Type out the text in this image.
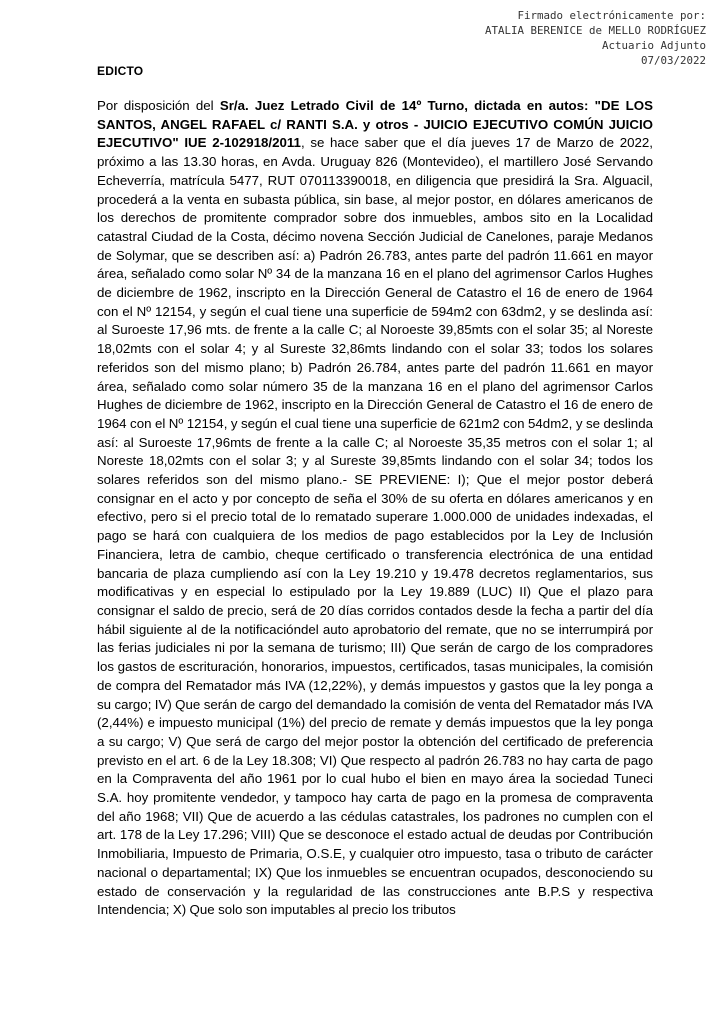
Firmado electrónicamente por:
ATALIA BERENICE de MELLO RODRÍGUEZ
Actuario Adjunto
07/03/2022
EDICTO
Por disposición del Sr/a. Juez Letrado Civil de 14º Turno, dictada en autos: "DE LOS SANTOS, ANGEL RAFAEL c/ RANTI S.A. y otros - JUICIO EJECUTIVO COMÚN JUICIO EJECUTIVO" IUE 2-102918/2011, se hace saber que el día jueves 17 de Marzo de 2022, próximo a las 13.30 horas, en Avda. Uruguay 826 (Montevideo), el martillero José Servando Echeverría, matrícula 5477, RUT 070113390018, en diligencia que presidirá la Sra. Alguacil, procederá a la venta en subasta pública, sin base, al mejor postor, en dólares americanos de los derechos de promitente comprador sobre dos inmuebles, ambos sito en la Localidad catastral Ciudad de la Costa, décimo novena Sección Judicial de Canelones, paraje Medanos de Solymar, que se describen así: a) Padrón 26.783, antes parte del padrón 11.661 en mayor área, señalado como solar Nº 34 de la manzana 16 en el plano del agrimensor Carlos Hughes de diciembre de 1962, inscripto en la Dirección General de Catastro el 16 de enero de 1964 con el Nº 12154, y según el cual tiene una superficie de 594m2 con 63dm2, y se deslinda así: al Suroeste 17,96 mts. de frente a la calle C; al Noroeste 39,85mts con el solar 35; al Noreste 18,02mts con el solar 4; y al Sureste 32,86mts lindando con el solar 33; todos los solares referidos son del mismo plano; b) Padrón 26.784, antes parte del padrón 11.661 en mayor área, señalado como solar número 35 de la manzana 16 en el plano del agrimensor Carlos Hughes de diciembre de 1962, inscripto en la Dirección General de Catastro el 16 de enero de 1964 con el Nº 12154, y según el cual tiene una superficie de 621m2 con 54dm2, y se deslinda así: al Suroeste 17,96mts de frente a la calle C; al Noroeste 35,35 metros con el solar 1; al Noreste 18,02mts con el solar 3; y al Sureste 39,85mts lindando con el solar 34; todos los solares referidos son del mismo plano.- SE PREVIENE: I); Que el mejor postor deberá consignar en el acto y por concepto de seña el 30% de su oferta en dólares americanos y en efectivo, pero si el precio total de lo rematado superare 1.000.000 de unidades indexadas, el pago se hará con cualquiera de los medios de pago establecidos por la Ley de Inclusión Financiera, letra de cambio, cheque certificado o transferencia electrónica de una entidad bancaria de plaza cumpliendo así con la Ley 19.210 y 19.478 decretos reglamentarios, sus modificativas y en especial lo estipulado por la Ley 19.889 (LUC) II) Que el plazo para consignar el saldo de precio, será de 20 días corridos contados desde la fecha a partir del día hábil siguiente al de la notificacióndel auto aprobatorio del remate, que no se interrumpirá por las ferias judiciales ni por la semana de turismo; III) Que serán de cargo de los compradores los gastos de escrituración, honorarios, impuestos, certificados, tasas municipales, la comisión de compra del Rematador más IVA (12,22%), y demás impuestos y gastos que la ley ponga a su cargo; IV) Que serán de cargo del demandado la comisión de venta del Rematador más IVA (2,44%) e impuesto municipal (1%) del precio de remate y demás impuestos que la ley ponga a su cargo; V) Que será de cargo del mejor postor la obtención del certificado de preferencia previsto en el art. 6 de la Ley 18.308; VI) Que respecto al padrón 26.783 no hay carta de pago en la Compraventa del año 1961 por lo cual hubo el bien en mayo área la sociedad Tuneci S.A. hoy promitente vendedor, y tampoco hay carta de pago en la promesa de compraventa del año 1968; VII) Que de acuerdo a las cédulas catastrales, los padrones no cumplen con el art. 178 de la Ley 17.296; VIII) Que se desconoce el estado actual de deudas por Contribución Inmobiliaria, Impuesto de Primaria, O.S.E, y cualquier otro impuesto, tasa o tributo de carácter nacional o departamental; IX) Que los inmuebles se encuentran ocupados, desconociendo su estado de conservación y la regularidad de las construcciones ante B.P.S y respectiva Intendencia; X) Que solo son imputables al precio los tributos
